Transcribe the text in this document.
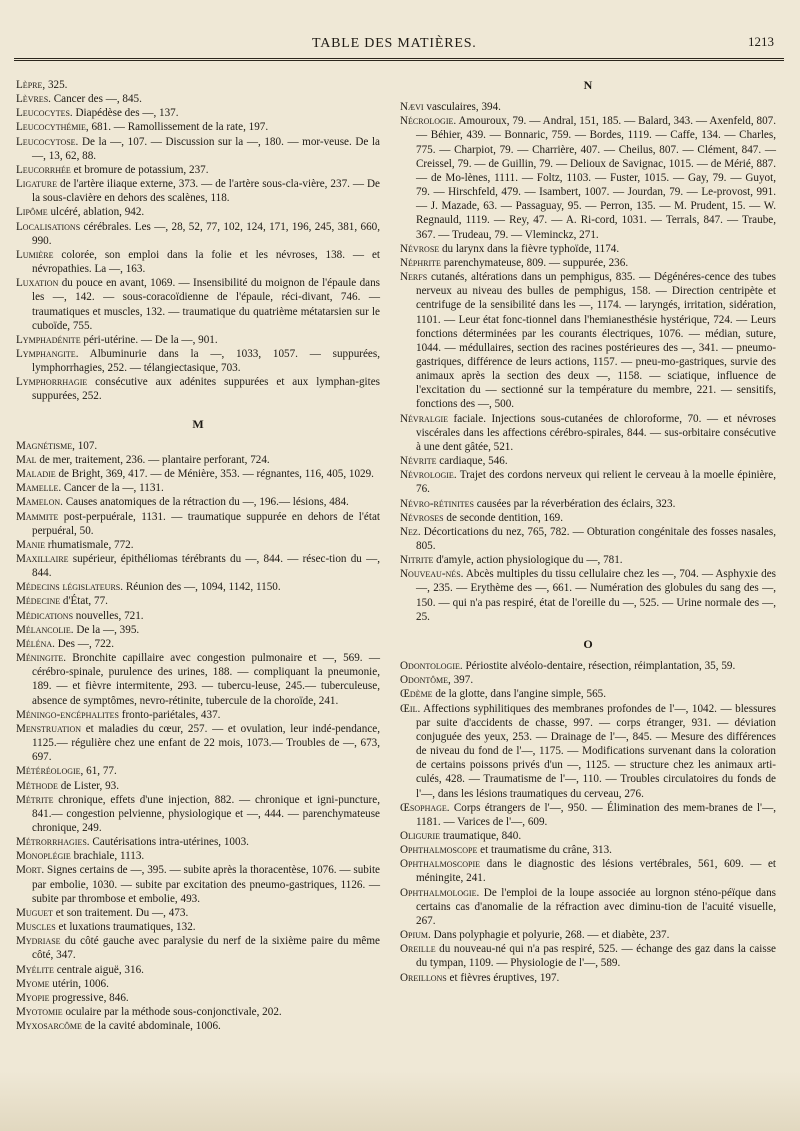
TABLE DES MATIÈRES.	1213

Lèpre, 325.

Lèvres. Cancer des —, 845.

Leucocytes. Diapédèse des —, 137.

Leucocythémie, 681. — Ramollissement de la rate, 197.

Leucocytose. De la —, 107. — Discussion sur la —, 180. — mor-veuse. De la —, 13, 62, 88.

Leucorrhée et bromure de potassium, 237.

Ligature de l'artère iliaque externe, 373. — de l'artère sous-cla-vière, 237. — De la sous-clavière en dehors des scalènes, 118.

Lipôme ulcéré, ablation, 942.

Localisations cérébrales. Les —, 28, 52, 77, 102, 124, 171, 196, 245, 381, 660, 990.

Lumière colorée, son emploi dans la folie et les névroses, 138. — et névropathies. La —, 163.

Luxation du pouce en avant, 1069. — Insensibilité du moignon de l'épaule dans les —, 142. — sous-coracoïdienne de l'épaule, réci-divant, 746. — traumatiques et muscles, 132. — traumatique du quatrième métatarsien sur le cuboïde, 755.

Lymphadénite péri-utérine. — De la —, 901.

Lymphangite. Albuminurie dans la —, 1033, 1057. — suppurées, lymphorrhagies, 252. — télangiectasique, 703.

Lymphorrhagie consécutive aux adénites suppurées et aux lymphan-gites suppurées, 252.

M

Magnétisme, 107.

Mal de mer, traitement, 236. — plantaire perforant, 724.

Maladie de Bright, 369, 417. — de Ménière, 353. — régnantes, 116, 405, 1029.

Mamelle. Cancer de la —, 1131.

Mamelon. Causes anatomiques de la rétraction du —, 196.— lésions, 484.

Mammite post-perpuérale, 1131. — traumatique suppurée en dehors de l'état perpuéral, 50.

Manie rhumatismale, 772.

Maxillaire supérieur, épithéliomas térébrants du —, 844. — résec-tion du —, 844.

Médecins législateurs. Réunion des —, 1094, 1142, 1150.

Médecine d'État, 77.

Médications nouvelles, 721.

Mélancolie. De la —, 395.

Méléna. Des —, 722.

Méningite. Bronchite capillaire avec congestion pulmonaire et —, 569. — cérébro-spinale, purulence des urines, 188. — compliquant la pneumonie, 189. — et fièvre intermitente, 293. — tubercu-leuse, 245.— tuberculeuse, absence de symptômes, nevro-rétinite, tubercule de la choroïde, 241.

Méningo-encéphalites fronto-pariétales, 437.

Menstruation et maladies du cœur, 257. — et ovulation, leur indé-pendance, 1125.— régulière chez une enfant de 22 mois, 1073.— Troubles de —, 673, 697.

Météréologie, 61, 77.

Méthode de Lister, 93.

Métrite chronique, effets d'une injection, 882. — chronique et igni-puncture, 841.— congestion pelvienne, physiologique et —, 444. — parenchymateuse chronique, 249.

Métrorrhagies. Cautérisations intra-utérines, 1003.

Monoplégie brachiale, 1113.

Mort. Signes certains de —, 395. — subite après la thoracentèse, 1076. — subite par embolie, 1030. — subite par excitation des pneumo-gastriques, 1126. —subite par thrombose et embolie, 493.

Muguet et son traitement. Du —, 473.

Muscles et luxations traumatiques, 132.

Mydriase du côté gauche avec paralysie du nerf de la sixième paire du même côté, 347.

Myélite centrale aiguë, 316.

Myome utérin, 1006.

Myopie progressive, 846.

Myotomie oculaire par la méthode sous-conjonctivale, 202.

Myxosarcôme de la cavité abdominale, 1006.

N

Nævi vasculaires, 394.

Nécrologie. Amouroux, 79. — Andral, 151, 185. — Balard, 343. — Axenfeld, 807. — Béhier, 439. — Bonnaric, 759. — Bordes, 1119. — Caffe, 134. — Charles, 775. — Charpiot, 79. — Charrière, 407. — Cheilus, 807. — Clément, 847. — Creissel, 79. — de Guillin, 79. — Delioux de Savignac, 1015. — de Mérié, 887. — de Mo-lènes, 1111. — Foltz, 1103. — Fuster, 1015. — Gay, 79. — Guyot, 79. — Hirschfeld, 479. — Isambert, 1007. — Jourdan, 79. — Le-provost, 991. — J. Mazade, 63. — Passaguay, 95. — Perron, 135. — M. Prudent, 15. — W. Regnauld, 1119. — Rey, 47. — A. Ri-cord, 1031. — Terrals, 847. — Traube, 367. — Trudeau, 79. — Vleminckz, 271.

Névrose du larynx dans la fièvre typhoïde, 1174.

Néphrite parenchymateuse, 809. — suppurée, 236.

Nerfs cutanés, altérations dans un pemphigus, 835. — Dégénéres-cence des tubes nerveux au niveau des bulles de pemphigus, 158. — Direction centripète et centrifuge de la sensibilité dans les —, 1174. — laryngés, irritation, sidération, 1101. — Leur état fonc-tionnel dans l'hemianesthésie hystérique, 724. — Leurs fonctions déterminées par les courants électriques, 1076. — médian, suture, 1044. — médullaires, section des racines postérieures des —, 341. — pneumo-gastriques, différence de leurs actions, 1157. — pneu-mo-gastriques, survie des animaux après la section des deux —, 1158. — sciatique, influence de l'excitation du — sectionné sur la température du membre, 221. — sensitifs, fonctions des —, 500.

Névralgie faciale. Injections sous-cutanées de chloroforme, 70. — et névroses viscérales dans les affections cérébro-spirales, 844. — sus-orbitaire consécutive à une dent gâtée, 521.

Névrite cardiaque, 546.

Névrologie. Trajet des cordons nerveux qui relient le cerveau à la moelle épinière, 76.

Névro-rétinites causées par la réverbération des éclairs, 323.

Névroses de seconde dentition, 169.

Nez. Décortications du nez, 765, 782. — Obturation congénitale des fosses nasales, 805.

Nitrite d'amyle, action physiologique du —, 781.

Nouveau-nés. Abcès multiples du tissu cellulaire chez les —, 704. — Asphyxie des —, 235. — Erythème des —, 661. — Numération des globules du sang des —, 150. — qui n'a pas respiré, état de l'oreille du —, 525. — Urine normale des —, 25.

O

Odontologie. Périostite alvéolo-dentaire, résection, réimplantation, 35, 59.

Odontôme, 397.

Œdème de la glotte, dans l'angine simple, 565.

Œil. Affections syphilitiques des membranes profondes de l'—, 1042. — blessures par suite d'accidents de chasse, 997. — corps étranger, 931. — déviation conjuguée des yeux, 253. — Drainage de l'—, 845. — Mesure des différences de niveau du fond de l'—, 1175. — Modifications survenant dans la coloration de certains poissons privés d'un —, 1125. — structure chez les animaux arti-culés, 428. — Traumatisme de l'—, 110. — Troubles circulatoires du fonds de l'—, dans les lésions traumatiques du cerveau, 276.

Œsophage. Corps étrangers de l'—, 950. — Élimination des mem-branes de l'—, 1181. — Varices de l'—, 609.

Oligurie traumatique, 840.

Ophthalmoscope et traumatisme du crâne, 313.

Ophthalmoscopie dans le diagnostic des lésions vertébrales, 561, 609. — et méningite, 241.

Ophthalmologie. De l'emploi de la loupe associée au lorgnon sténo-péïque dans certains cas d'anomalie de la réfraction avec diminu-tion de l'acuité visuelle, 267.

Opium. Dans polyphagie et polyurie, 268. — et diabète, 237.

Oreille du nouveau-né qui n'a pas respiré, 525. — échange des gaz dans la caisse du tympan, 1109. — Physiologie de l'—, 589.

Oreillons et fièvres éruptives, 197.
